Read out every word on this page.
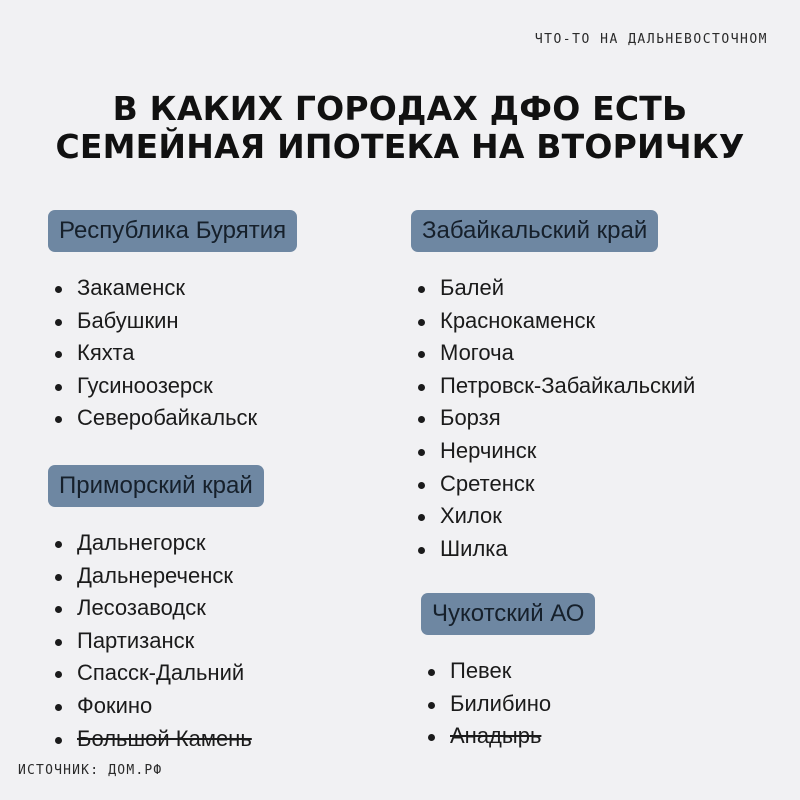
ЧТО-ТО НА ДАЛЬНЕВОСТОЧНОМ
В КАКИХ ГОРОДАХ ДФО ЕСТЬ
СЕМЕЙНАЯ ИПОТЕКА НА ВТОРИЧКУ
Республика Бурятия
Закаменск
Бабушкин
Кяхта
Гусиноозерск
Северобайкальск
Приморский край
Дальнегорск
Дальнереченск
Лесозаводск
Партизанск
Спасск-Дальний
Фокино
Большой Камень
Забайкальский край
Балей
Краснокаменск
Могоча
Петровск-Забайкальский
Борзя
Нерчинск
Сретенск
Хилок
Шилка
Чукотский АО
Певек
Билибино
Анадырь
ИСТОЧНИК: ДОМ.РФ
